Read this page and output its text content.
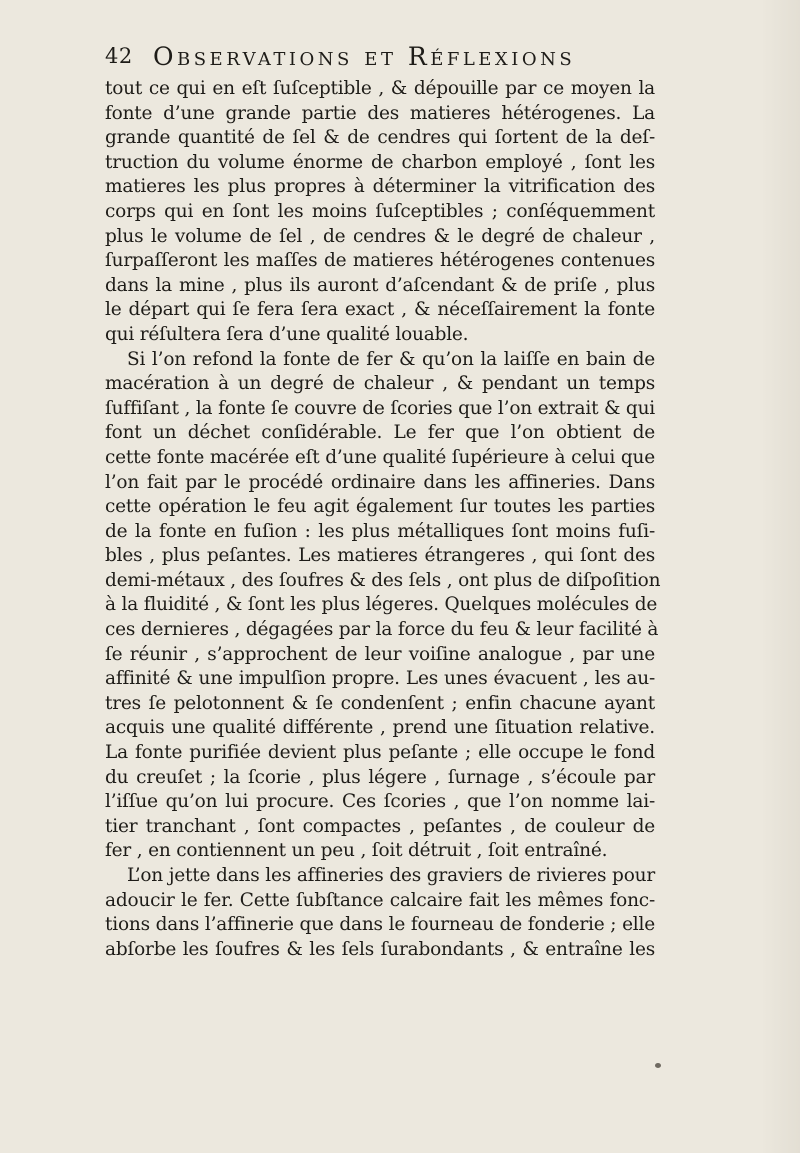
42 Observations et Réflexions
tout ce qui en eſt ſuſceptible , & dépouille par ce moyen la
fonte d’une grande partie des matieres hétérogenes. La
grande quantité de ſel & de cendres qui ſortent de la deſ-
truction du volume énorme de charbon employé , ſont les
matieres les plus propres à déterminer la vitrification des
corps qui en ſont les moins ſuſceptibles ; conſéquemment
plus le volume de ſel , de cendres & le degré de chaleur ,
ſurpaſſeront les maſſes de matieres hétérogenes contenues
dans la mine , plus ils auront d’aſcendant & de priſe , plus
le départ qui ſe fera ſera exact , & néceſſairement la fonte
qui réſultera ſera d’une qualité louable.
Si l’on refond la fonte de fer & qu’on la laiſſe en bain de
macération à un degré de chaleur , & pendant un temps
ſuffiſant , la fonte ſe couvre de ſcories que l’on extrait & qui
font un déchet conſidérable. Le fer que l’on obtient de
cette fonte macérée eſt d’une qualité ſupérieure à celui que
l’on fait par le procédé ordinaire dans les affineries. Dans
cette opération le feu agit également ſur toutes les parties
de la fonte en fuſion : les plus métalliques ſont moins fuſi-
bles , plus peſantes. Les matieres étrangeres , qui ſont des
demi-métaux , des ſoufres & des ſels , ont plus de diſpoſition
à la fluidité , & ſont les plus légeres. Quelques molécules de
ces dernieres , dégagées par la force du feu & leur facilité à
ſe réunir , s’approchent de leur voiſine analogue , par une
affinité & une impulſion propre. Les unes évacuent , les au-
tres ſe pelotonnent & ſe condenſent ; enfin chacune ayant
acquis une qualité différente , prend une ſituation relative.
La fonte purifiée devient plus peſante ; elle occupe le fond
du creuſet ; la ſcorie , plus légere , ſurnage , s’écoule par
l’iſſue qu’on lui procure. Ces ſcories , que l’on nomme lai-
tier tranchant , ſont compactes , peſantes , de couleur de
fer , en contiennent un peu , ſoit détruit , ſoit entraîné.
L’on jette dans les affineries des graviers de rivieres pour
adoucir le fer. Cette ſubſtance calcaire fait les mêmes fonc-
tions dans l’affinerie que dans le fourneau de fonderie ; elle
abſorbe les ſoufres & les ſels ſurabondants , & entraîne les
